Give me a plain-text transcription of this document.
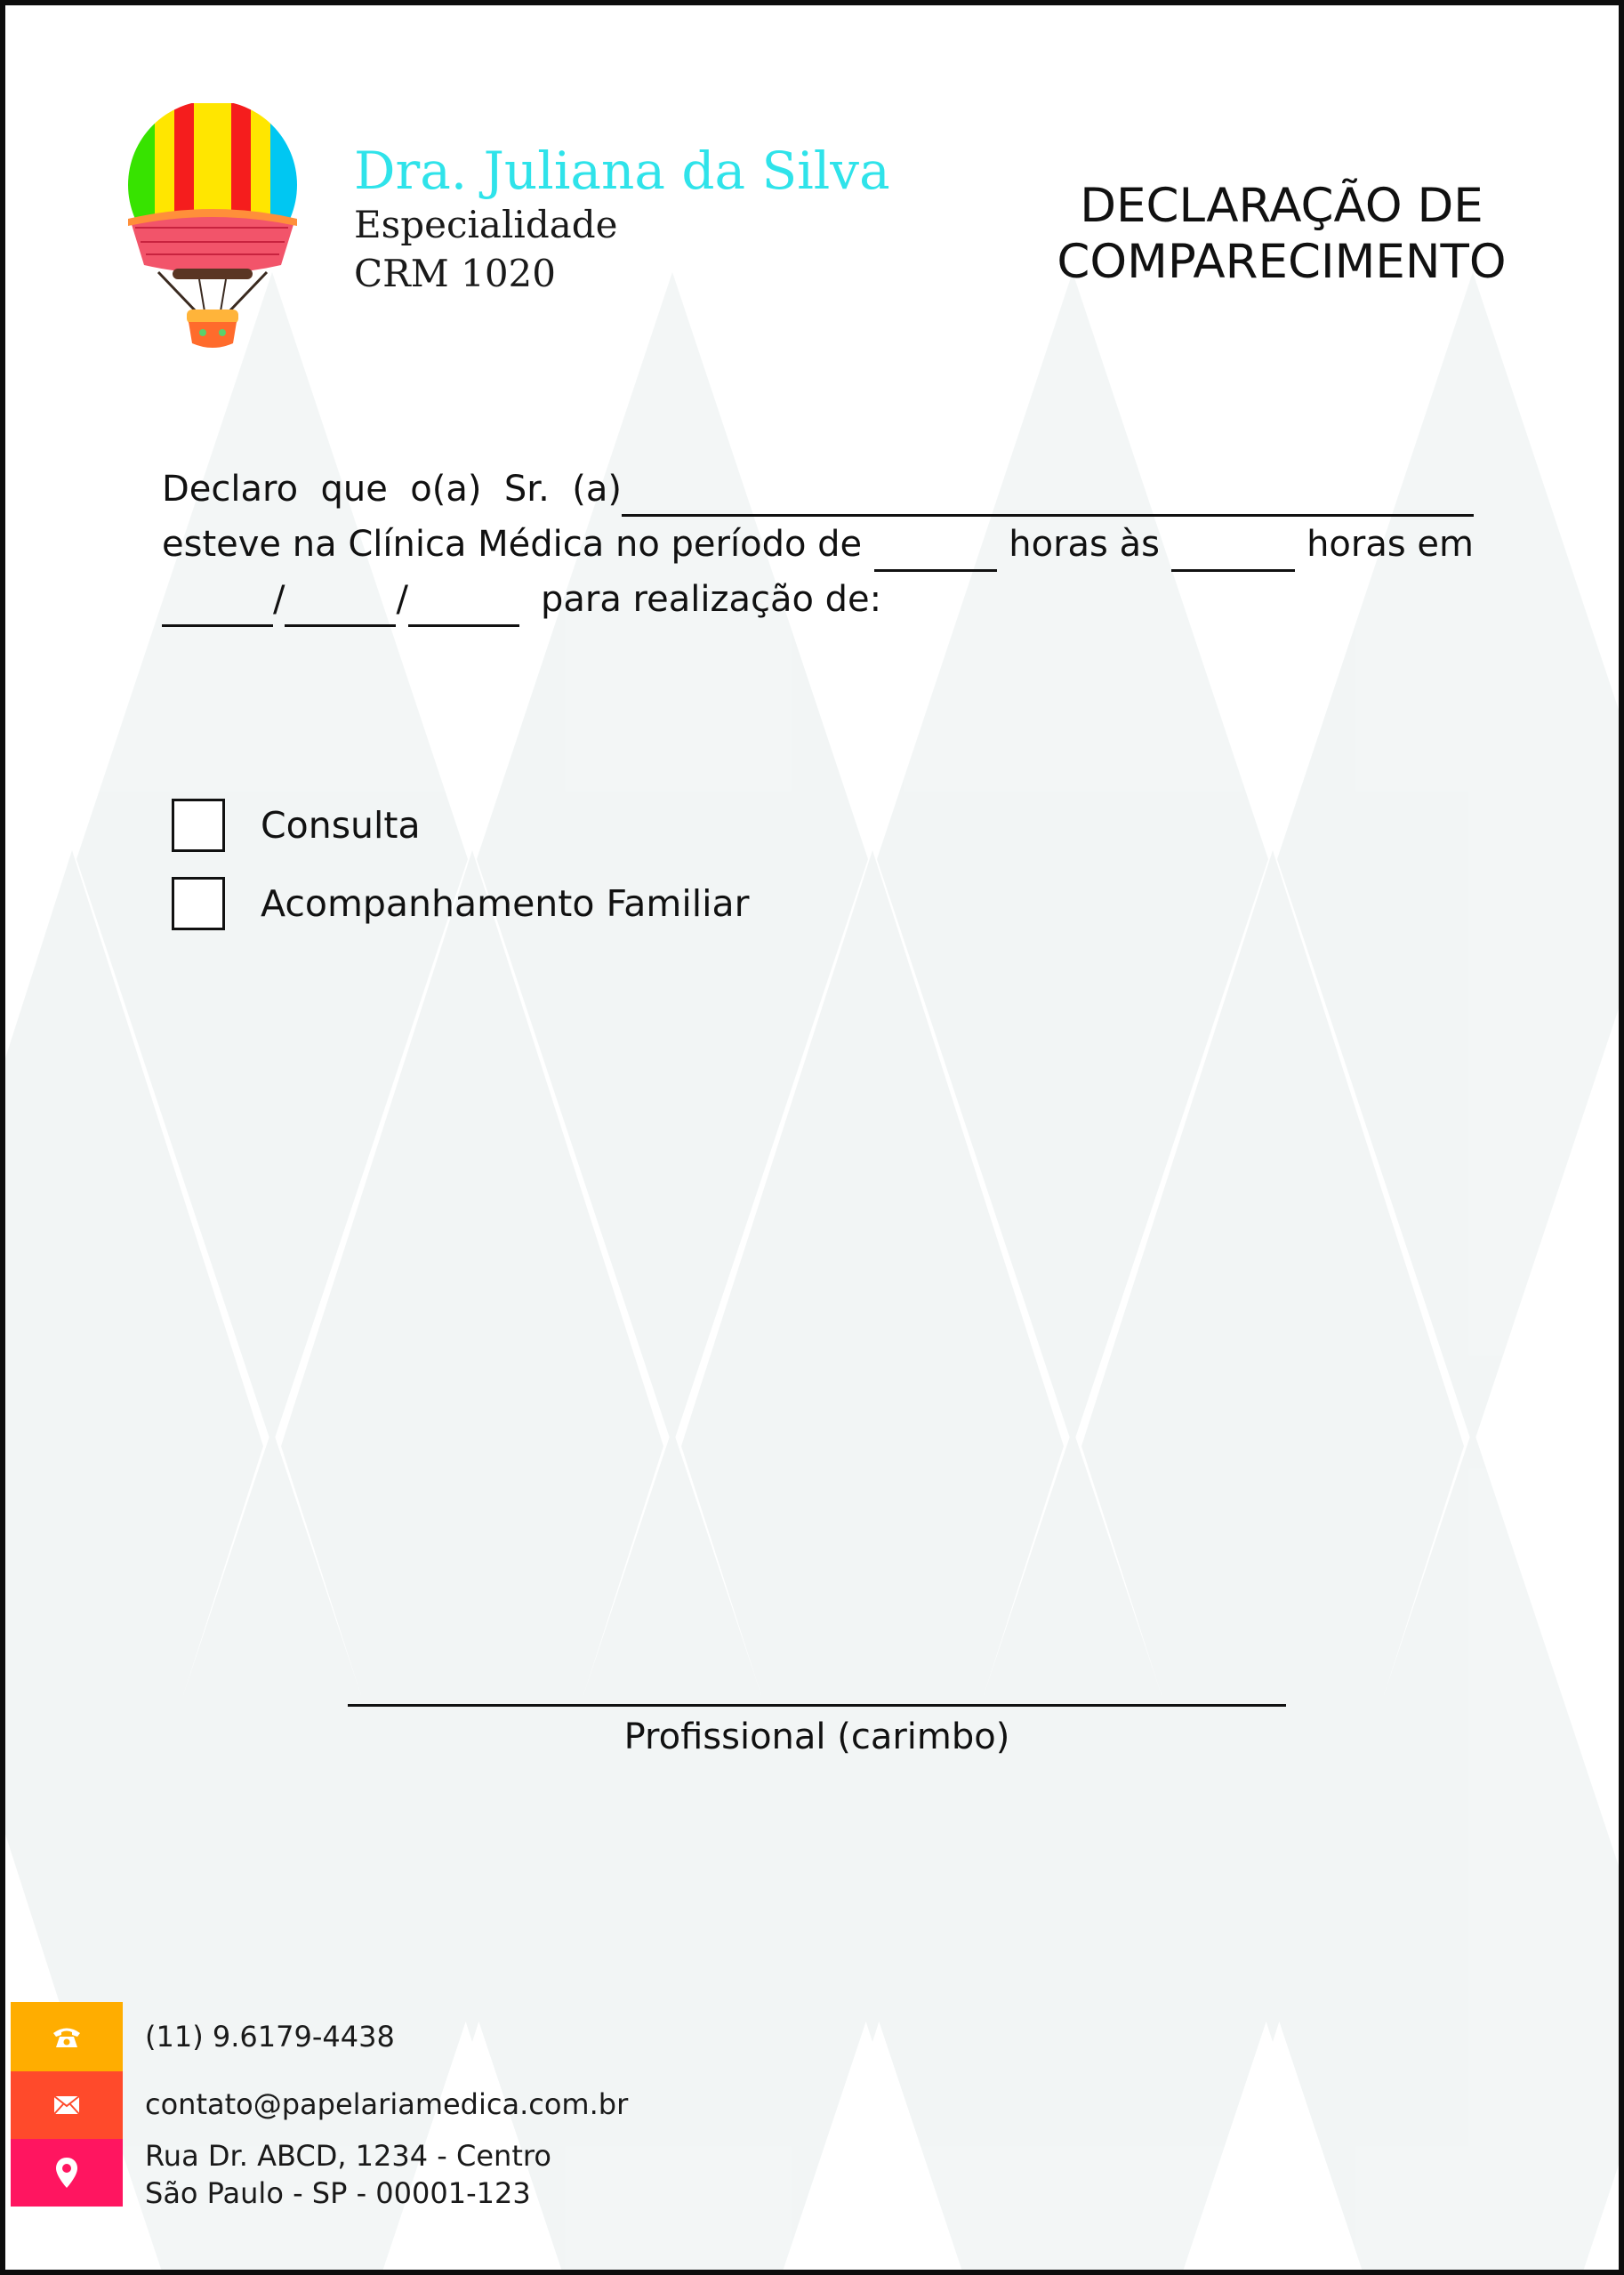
Dra. Juliana da Silva
Especialidade
CRM 1020
DECLARAÇÃO DE
COMPARECIMENTO
Declaro  que  o(a)  Sr.  (a)
esteve na Clínica Médica no período de	horas às	horas em
/	/	para realização de:
Consulta
Acompanhamento Familiar
Profissional (carimbo)
(11) 9.6179-4438
contato@papelariamedica.com.br
Rua Dr. ABCD, 1234 - Centro
São Paulo - SP - 00001-123
